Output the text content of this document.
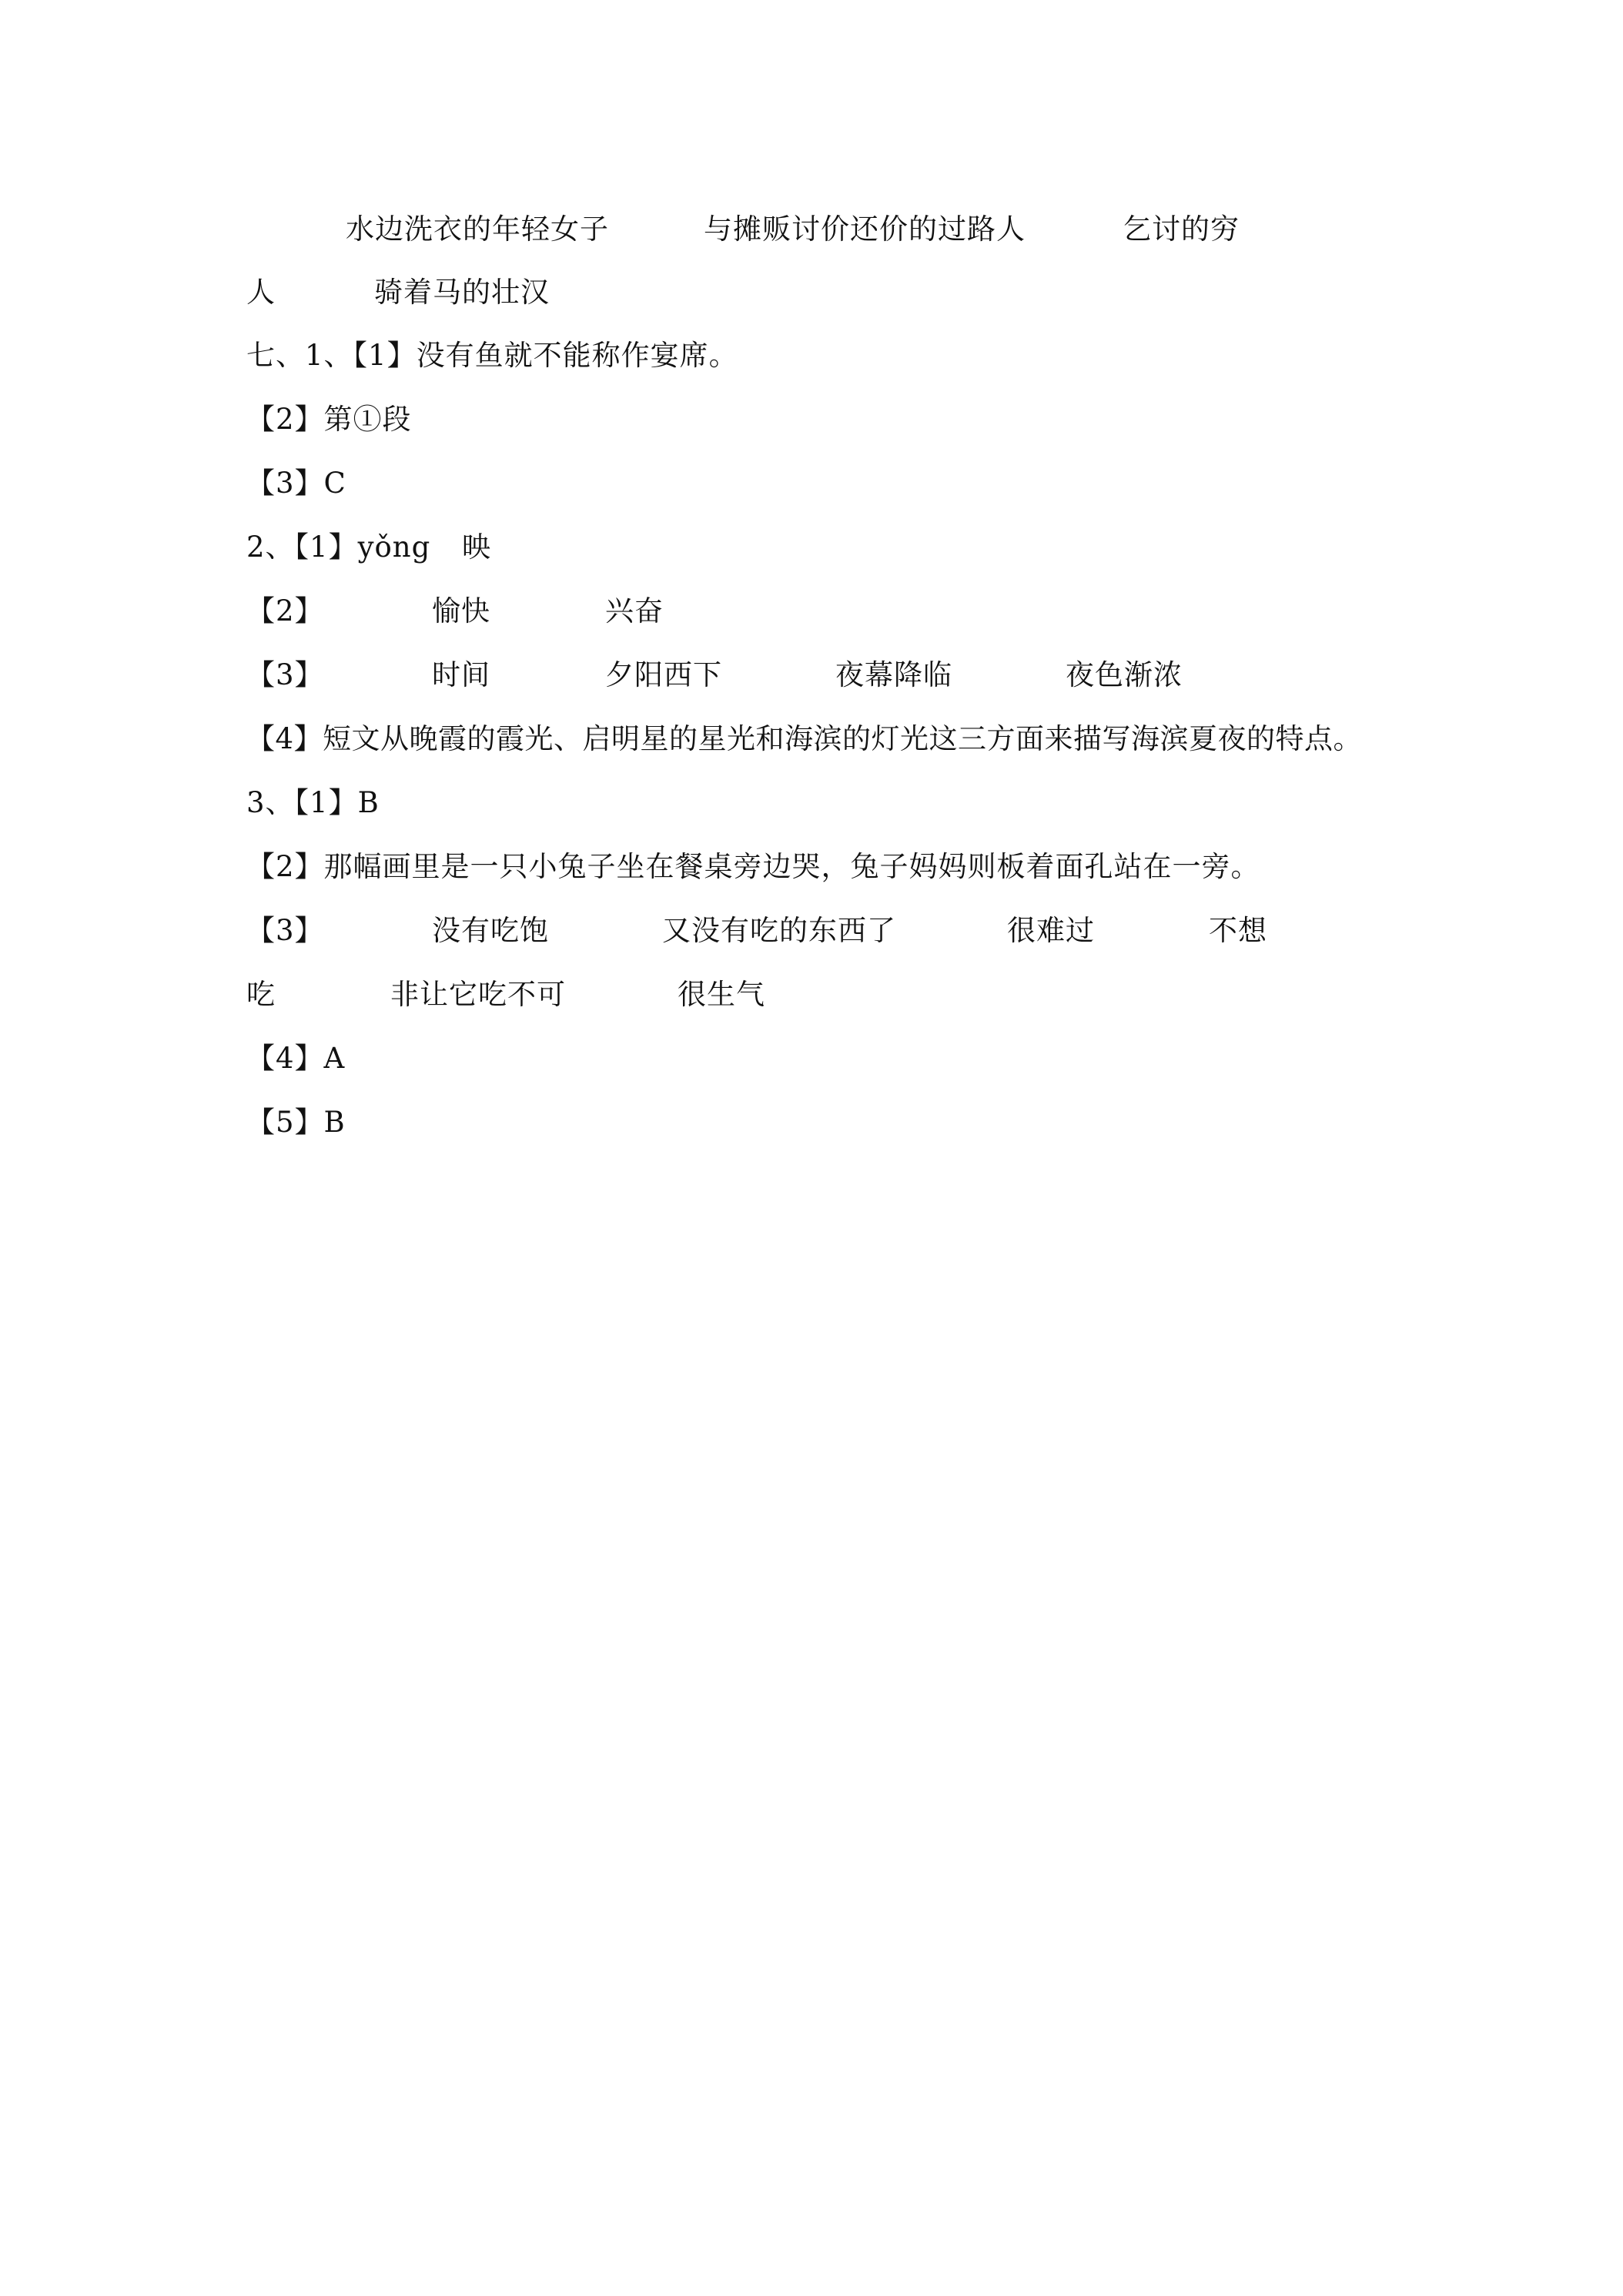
水边洗衣的年轻女子	与摊贩讨价还价的过路人	乞讨的穷
人	骑着马的壮汉
七、1、【1】没有鱼就不能称作宴席。
【2】第①段
【3】C
2、【1】yǒng 映
【2】	愉快	兴奋
【3】	时间	夕阳西下	夜幕降临	夜色渐浓
【4】短文从晚霞的霞光、启明星的星光和海滨的灯光这三方面来描写海滨夏夜的特点。
3、【1】B
【2】那幅画里是一只小兔子坐在餐桌旁边哭，兔子妈妈则板着面孔站在一旁。
【3】	没有吃饱	又没有吃的东西了	很难过	不想
吃	非让它吃不可	很生气
【4】A
【5】B
